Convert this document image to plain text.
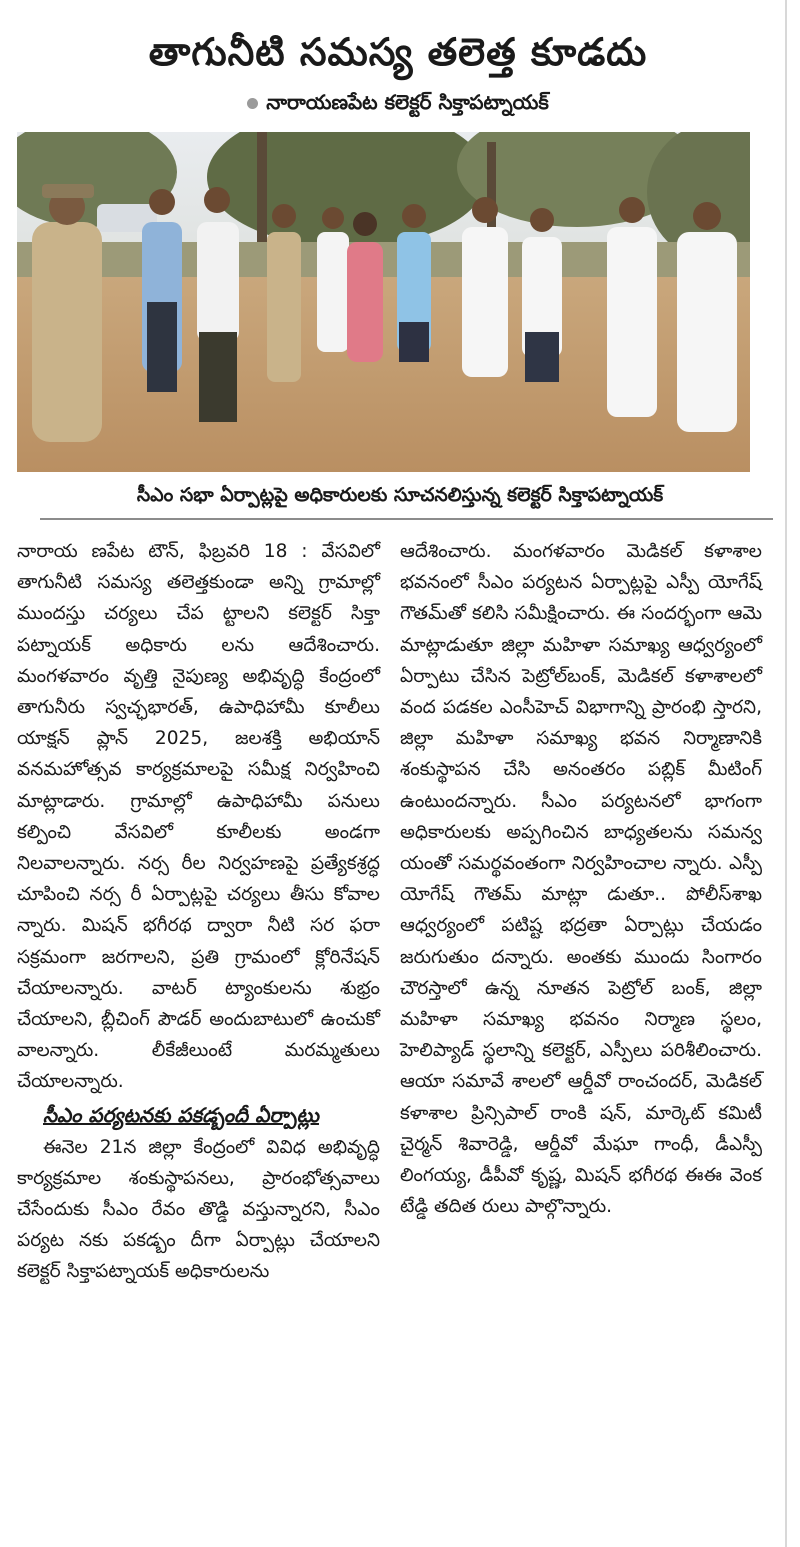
తాగునీటి సమస్య తలెత్త కూడదు
నారాయణపేట కలెక్టర్ సిక్తాపట్నాయక్
సీఎం సభా ఏర్పాట్లపై అధికారులకు సూచనలిస్తున్న కలెక్టర్ సిక్తాపట్నాయక్

నారాయ ణపేట టౌన్, ఫిబ్రవరి 18 : వేసవిలో తాగునీటి సమస్య తలెత్తకుండా అన్ని గ్రామాల్లో ముందస్తు చర్యలు చేప ట్టాలని కలెక్టర్ సిక్తా పట్నాయక్ అధికారు లను ఆదేశించారు. మంగళవారం వృత్తి నైపుణ్య అభివృద్ధి కేంద్రంలో తాగునీరు స్వచ్ఛభారత్, ఉపాధిహామీ కూలీలు యాక్షన్ ప్లాన్ 2025, జలశక్తి అభియాన్ వనమహోత్సవ కార్యక్రమాలపై సమీక్ష నిర్వహించి మాట్లాడారు. గ్రామాల్లో ఉపాధిహామీ పనులు కల్పించి వేసవిలో కూలీలకు అండగా నిలవాలన్నారు. నర్స రీల నిర్వహణపై ప్రత్యేకశ్రద్ధ చూపించి నర్స రీ ఏర్పాట్లపై చర్యలు తీసు కోవాల న్నారు. మిషన్ భగీరథ ద్వారా నీటి సర ఫరా సక్రమంగా జరగాలని, ప్రతి గ్రామంలో క్లోరినేషన్ చేయాలన్నారు. వాటర్ ట్యాంకులను శుభ్రం చేయాలని, బ్లీచింగ్ పౌడర్ అందుబాటులో ఉంచుకో వాలన్నారు. లీకేజీలుంటే మరమ్మతులు చేయాలన్నారు.

సీఎం పర్యటనకు పకడ్బందీ ఏర్పాట్లు

ఈనెల 21న జిల్లా కేంద్రంలో వివిధ అభివృద్ధి కార్యక్రమాల శంకుస్థాపనలు, ప్రారంభోత్సవాలు చేసేందుకు సీఎం రేవం తొడ్డి వస్తున్నారని, సీఎం పర్యట నకు పకడ్బం దీగా ఏర్పాట్లు చేయాలని కలెక్టర్ సిక్తాపట్నాయక్ అధికారులను

ఆదేశించారు. మంగళవారం మెడికల్ కళాశాల భవనంలో సీఎం పర్యటన ఏర్పాట్లపై ఎస్పీ యోగేష్ గౌతమ్‌తో కలిసి సమీక్షించారు. ఈ సందర్భంగా ఆమె మాట్లాడుతూ జిల్లా మహిళా సమాఖ్య ఆధ్వర్యంలో ఏర్పాటు చేసిన పెట్రోల్‌బంక్, మెడికల్ కళాశాలలో వంద పడకల ఎంసీహెచ్ విభాగాన్ని ప్రారంభి స్తారని, జిల్లా మహిళా సమాఖ్య భవన నిర్మాణానికి శంకుస్థాపన చేసి అనంతరం పబ్లిక్ మీటింగ్ ఉంటుందన్నారు. సీఎం పర్యటనలో భాగంగా అధికారులకు అప్పగించిన బాధ్యతలను సమన్వ యంతో సమర్థవంతంగా నిర్వహించాల న్నారు. ఎస్పీ యోగేష్ గౌతమ్ మాట్లా డుతూ.. పోలీస్‌శాఖ ఆధ్వర్యంలో పటిష్ట భద్రతా ఏర్పాట్లు చేయడం జరుగుతుం దన్నారు. అంతకు ముందు సింగారం చౌరస్తాలో ఉన్న నూతన పెట్రోల్ బంక్, జిల్లా మహిళా సమాఖ్య భవనం నిర్మాణ స్థలం, హెలిప్యాడ్ స్థలాన్ని కలెక్టర్, ఎస్పీలు పరిశీలించారు. ఆయా సమావే శాలలో ఆర్డీవో రాంచందర్, మెడికల్ కళాశాల ప్రిన్సిపాల్ రాంకి షన్, మార్కెట్ కమిటీ చైర్మన్ శివారెడ్డి, ఆర్డీవో మేఘా గాంధీ, డీఎస్పీ లింగయ్య, డీపీవో కృష్ణ, మిషన్ భగీరథ ఈఈ వెంక టేడ్డి తదిత రులు పాల్గొన్నారు.
